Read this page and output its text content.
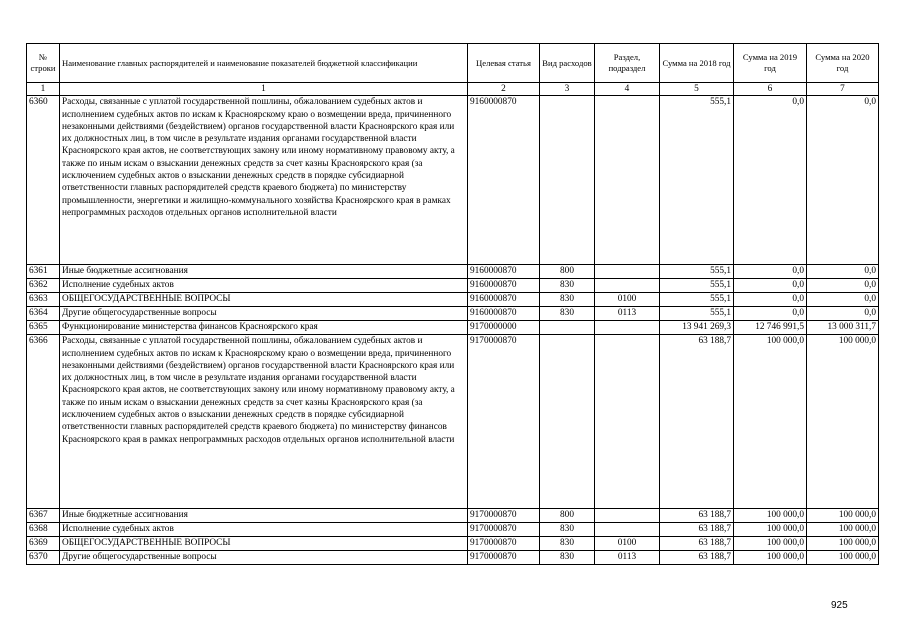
№ строки	Наименование главных распорядителей и наименование показателей бюджетной классификации	Целевая статья	Вид расходов	Раздел, подраздел	Сумма на 2018 год	Сумма на 2019 год	Сумма на 2020 год
1	1	2	3	4	5	6	7
6360	Расходы, связанные с уплатой государственной пошлины, обжалованием судебных актов и исполнением судебных актов по искам к Красноярскому краю о возмещении вреда, причиненного незаконными действиями (бездействием) органов государственной власти Красноярского края или их должностных лиц, в том числе в результате издания органами государственной власти Красноярского края актов, не соответствующих закону или иному нормативному правовому акту, а также по иным искам о взыскании денежных средств за счет казны Красноярского края (за исключением судебных актов о взыскании денежных средств в порядке субсидиарной ответственности главных распорядителей средств краевого бюджета) по министерству промышленности, энергетики и жилищно-коммунального хозяйства Красноярского края в рамках непрограммных расходов отдельных органов исполнительной власти	9160000870			555,1	0,0	0,0
6361	Иные бюджетные ассигнования	9160000870	800		555,1	0,0	0,0
6362	Исполнение судебных актов	9160000870	830		555,1	0,0	0,0
6363	ОБЩЕГОСУДАРСТВЕННЫЕ ВОПРОСЫ	9160000870	830	0100	555,1	0,0	0,0
6364	Другие общегосударственные вопросы	9160000870	830	0113	555,1	0,0	0,0
6365	Функционирование министерства финансов Красноярского края	9170000000			13 941 269,3	12 746 991,5	13 000 311,7
6366	Расходы, связанные с уплатой государственной пошлины, обжалованием судебных актов и исполнением судебных актов по искам к Красноярскому краю о возмещении вреда, причиненного незаконными действиями (бездействием) органов государственной власти Красноярского края или их должностных лиц, в том числе в результате издания органами государственной власти Красноярского края актов, не соответствующих закону или иному нормативному правовому акту, а также по иным искам о взыскании денежных средств за счет казны Красноярского края (за исключением судебных актов о взыскании денежных средств в порядке субсидиарной ответственности главных распорядителей средств краевого бюджета) по министерству финансов Красноярского края в рамках непрограммных расходов отдельных органов исполнительной власти	9170000870			63 188,7	100 000,0	100 000,0
6367	Иные бюджетные ассигнования	9170000870	800		63 188,7	100 000,0	100 000,0
6368	Исполнение судебных актов	9170000870	830		63 188,7	100 000,0	100 000,0
6369	ОБЩЕГОСУДАРСТВЕННЫЕ ВОПРОСЫ	9170000870	830	0100	63 188,7	100 000,0	100 000,0
6370	Другие общегосударственные вопросы	9170000870	830	0113	63 188,7	100 000,0	100 000,0
925
